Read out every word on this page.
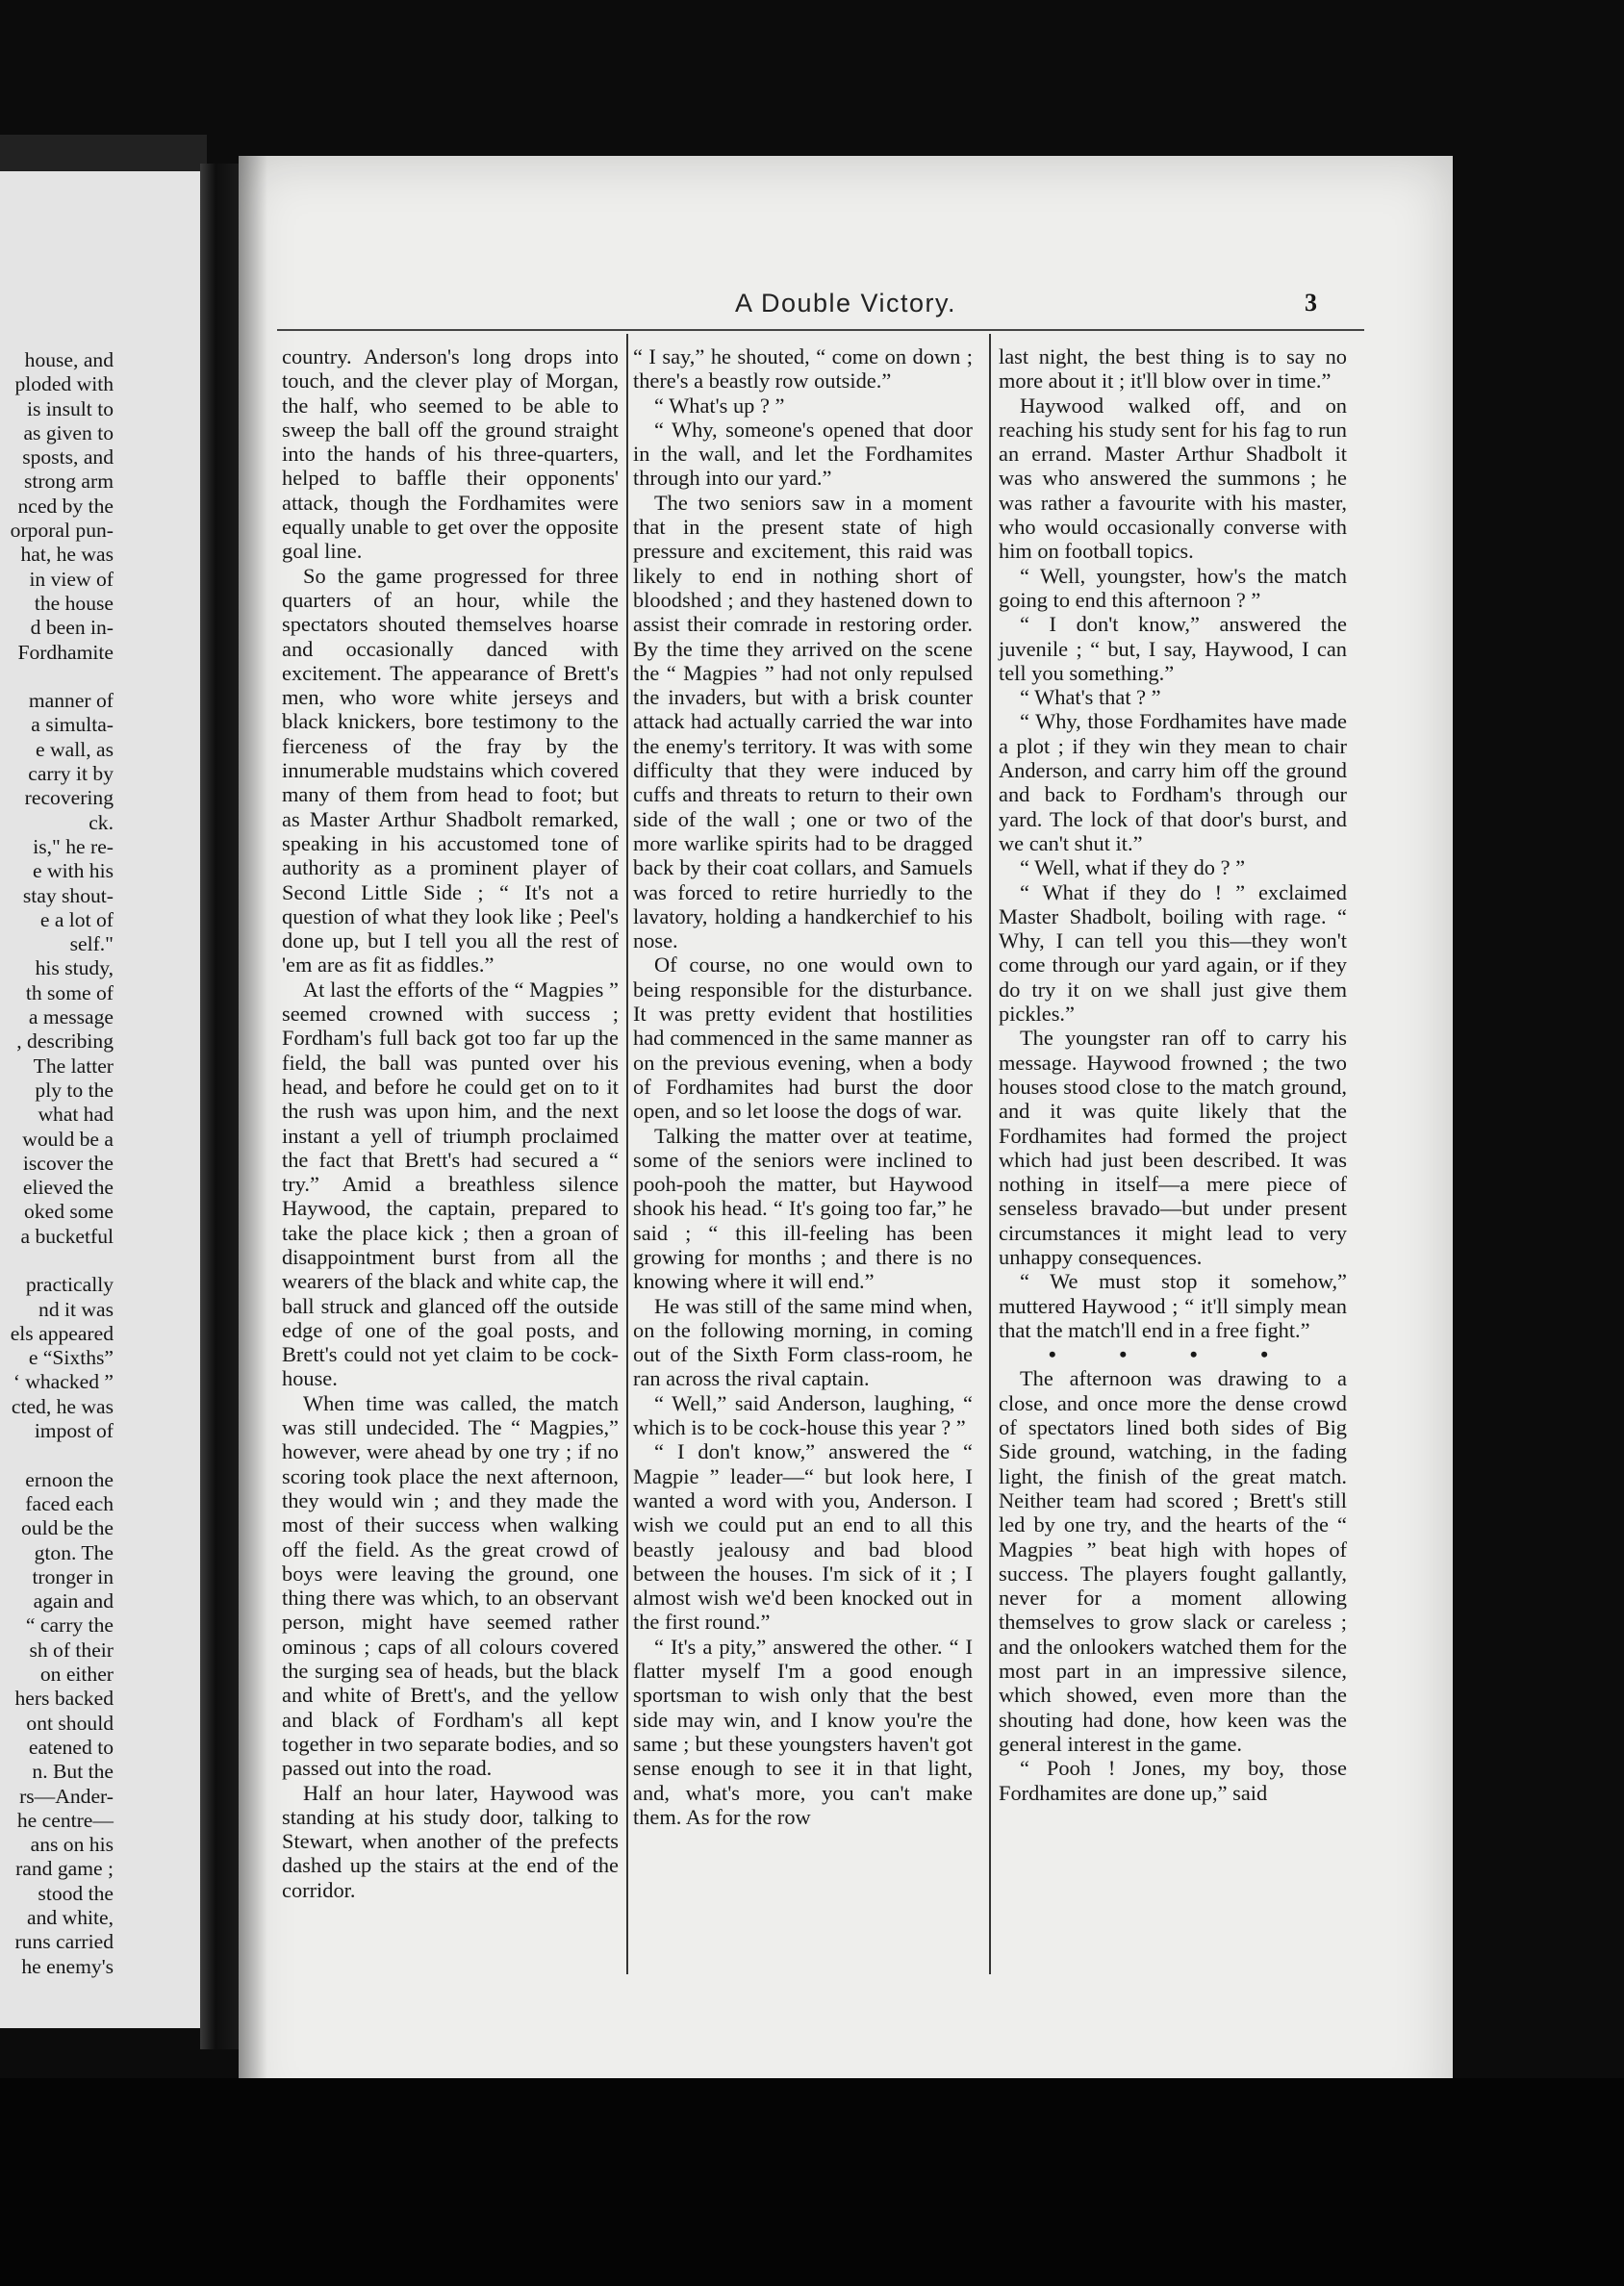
house, and
ploded with
is insult to
as given to
sposts, and
strong arm
nced by the
orporal pun-
hat, he was
in view of
the house
d been in-
Fordhamite
manner of
a simulta-
e wall, as
carry it by
recovering
ck.
is," he re-
e with his
stay shout-
e a lot of
self."
his study,
th some of
a message
, describing
The latter
ply to the
what had
would be a
iscover the
elieved the
oked some
a bucketful
practically
nd it was
els appeared
e “Sixths”
‘ whacked ”
cted, he was
impost of
ernoon the
faced each
ould be the
gton. The
tronger in
again and
“ carry the
sh of their
on either
hers backed
ont should
eatened to
n. But the
rs—Ander-
he centre—
ans on his
rand game ;
stood the
and white,
runs carried
he enemy's
A Double Victory.	3

country. Anderson's long drops into touch, and the clever play of Morgan, the half, who seemed to be able to sweep the ball off the ground straight into the hands of his three-quarters, helped to baffle their opponents' attack, though the Fordhamites were equally unable to get over the opposite goal line.

So the game progressed for three quarters of an hour, while the spectators shouted themselves hoarse and occasionally danced with excitement. The appearance of Brett's men, who wore white jerseys and black knickers, bore testimony to the fierceness of the fray by the innumerable mudstains which covered many of them from head to foot; but as Master Arthur Shadbolt remarked, speaking in his accustomed tone of authority as a prominent player of Second Little Side ; “ It's not a question of what they look like ; Peel's done up, but I tell you all the rest of 'em are as fit as fiddles.”

At last the efforts of the “ Magpies ” seemed crowned with success ; Fordham's full back got too far up the field, the ball was punted over his head, and before he could get on to it the rush was upon him, and the next instant a yell of triumph proclaimed the fact that Brett's had secured a “ try.” Amid a breathless silence Haywood, the captain, prepared to take the place kick ; then a groan of disappointment burst from all the wearers of the black and white cap, the ball struck and glanced off the outside edge of one of the goal posts, and Brett's could not yet claim to be cock-house.

When time was called, the match was still undecided. The “ Magpies,” however, were ahead by one try ; if no scoring took place the next afternoon, they would win ; and they made the most of their success when walking off the field. As the great crowd of boys were leaving the ground, one thing there was which, to an observant person, might have seemed rather ominous ; caps of all colours covered the surging sea of heads, but the black and white of Brett's, and the yellow and black of Fordham's all kept together in two separate bodies, and so passed out into the road.

Half an hour later, Haywood was standing at his study door, talking to Stewart, when another of the prefects dashed up the stairs at the end of the corridor.

“ I say,” he shouted, “ come on down ; there's a beastly row outside.”

“ What's up ? ”

“ Why, someone's opened that door in the wall, and let the Fordhamites through into our yard.”

The two seniors saw in a moment that in the present state of high pressure and excitement, this raid was likely to end in nothing short of bloodshed ; and they hastened down to assist their comrade in restoring order. By the time they arrived on the scene the “ Magpies ” had not only repulsed the invaders, but with a brisk counter attack had actually carried the war into the enemy's territory. It was with some difficulty that they were induced by cuffs and threats to return to their own side of the wall ; one or two of the more warlike spirits had to be dragged back by their coat collars, and Samuels was forced to retire hurriedly to the lavatory, holding a handkerchief to his nose.

Of course, no one would own to being responsible for the disturbance. It was pretty evident that hostilities had commenced in the same manner as on the previous evening, when a body of Fordhamites had burst the door open, and so let loose the dogs of war.

Talking the matter over at teatime, some of the seniors were inclined to pooh-pooh the matter, but Haywood shook his head. “ It's going too far,” he said ; “ this ill-feeling has been growing for months ; and there is no knowing where it will end.”

He was still of the same mind when, on the following morning, in coming out of the Sixth Form class-room, he ran across the rival captain.

“ Well,” said Anderson, laughing, “ which is to be cock-house this year ? ”

“ I don't know,” answered the “ Magpie ” leader—“ but look here, I wanted a word with you, Anderson. I wish we could put an end to all this beastly jealousy and bad blood between the houses. I'm sick of it ; I almost wish we'd been knocked out in the first round.”

“ It's a pity,” answered the other. “ I flatter myself I'm a good enough sportsman to wish only that the best side may win, and I know you're the same ; but these youngsters haven't got sense enough to see it in that light, and, what's more, you can't make them. As for the row

last night, the best thing is to say no more about it ; it'll blow over in time.”

Haywood walked off, and on reaching his study sent for his fag to run an errand. Master Arthur Shadbolt it was who answered the summons ; he was rather a favourite with his master, who would occasionally converse with him on football topics.

“ Well, youngster, how's the match going to end this afternoon ? ”

“ I don't know,” answered the juvenile ; “ but, I say, Haywood, I can tell you something.”

“ What's that ? ”

“ Why, those Fordhamites have made a plot ; if they win they mean to chair Anderson, and carry him off the ground and back to Fordham's through our yard. The lock of that door's burst, and we can't shut it.”

“ Well, what if they do ? ”

“ What if they do ! ” exclaimed Master Shadbolt, boiling with rage. “ Why, I can tell you this—they won't come through our yard again, or if they do try it on we shall just give them pickles.”

The youngster ran off to carry his message. Haywood frowned ; the two houses stood close to the match ground, and it was quite likely that the Fordhamites had formed the project which had just been described. It was nothing in itself—a mere piece of senseless bravado—but under present circumstances it might lead to very unhappy consequences.

“ We must stop it somehow,” muttered Haywood ; “ it'll simply mean that the match'll end in a free fight.”

• • • •

The afternoon was drawing to a close, and once more the dense crowd of spectators lined both sides of Big Side ground, watching, in the fading light, the finish of the great match. Neither team had scored ; Brett's still led by one try, and the hearts of the “ Magpies ” beat high with hopes of success. The players fought gallantly, never for a moment allowing themselves to grow slack or careless ; and the onlookers watched them for the most part in an impressive silence, which showed, even more than the shouting had done, how keen was the general interest in the game.

“ Pooh ! Jones, my boy, those Fordhamites are done up,” said
